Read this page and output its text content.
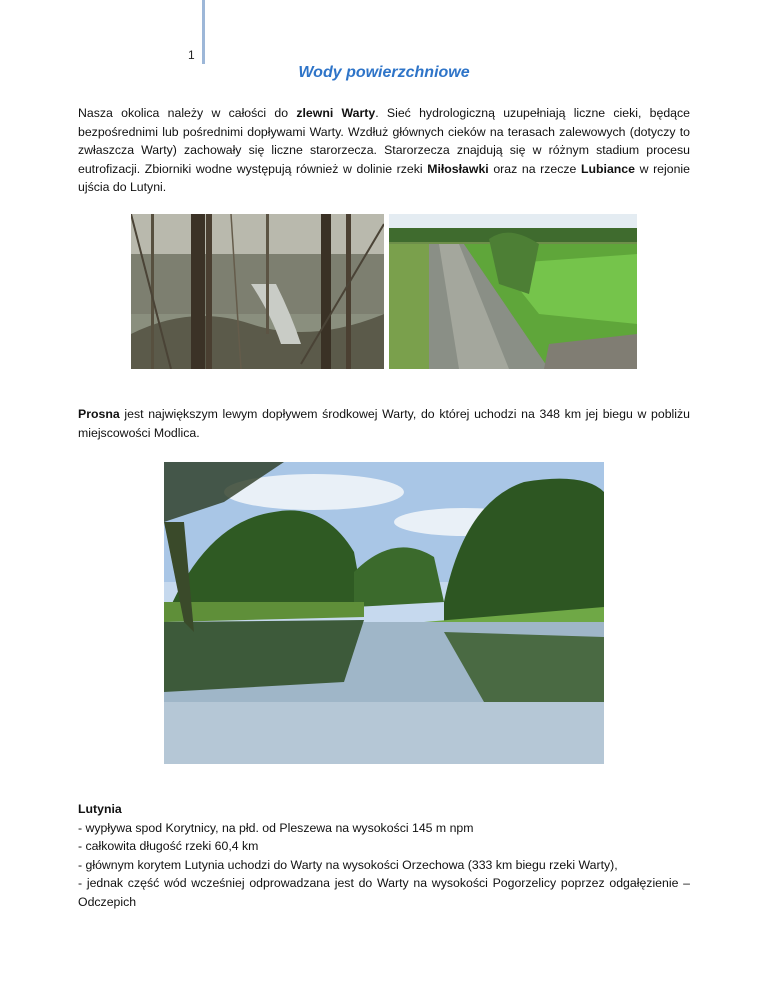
1
Wody powierzchniowe

Nasza okolica należy w całości do zlewni Warty. Sieć hydrologiczną uzupełniają liczne cieki, będące bezpośrednimi lub pośrednimi dopływami Warty. Wzdłuż głównych cieków na terasach zalewowych (dotyczy to zwłaszcza Warty) zachowały się liczne starorzecza. Starorzecza znajdują się w różnym stadium procesu eutrofizacji. Zbiorniki wodne występują również w dolinie rzeki Miłosławki oraz na rzecze Lubiance w rejonie ujścia do Lutyni.

Prosna jest największym lewym dopływem środkowej Warty, do której uchodzi na 348 km jej biegu w pobliżu miejscowości Modlica.

Lutynia
- wypływa spod Korytnicy, na płd. od Pleszewa na wysokości 145 m npm
- całkowita długość rzeki 60,4 km
- głównym korytem Lutynia uchodzi do Warty na wysokości Orzechowa (333 km biegu rzeki Warty),
- jednak część wód wcześniej odprowadzana jest do Warty na wysokości Pogorzelicy poprzez odgałęzienie – Odczepich
